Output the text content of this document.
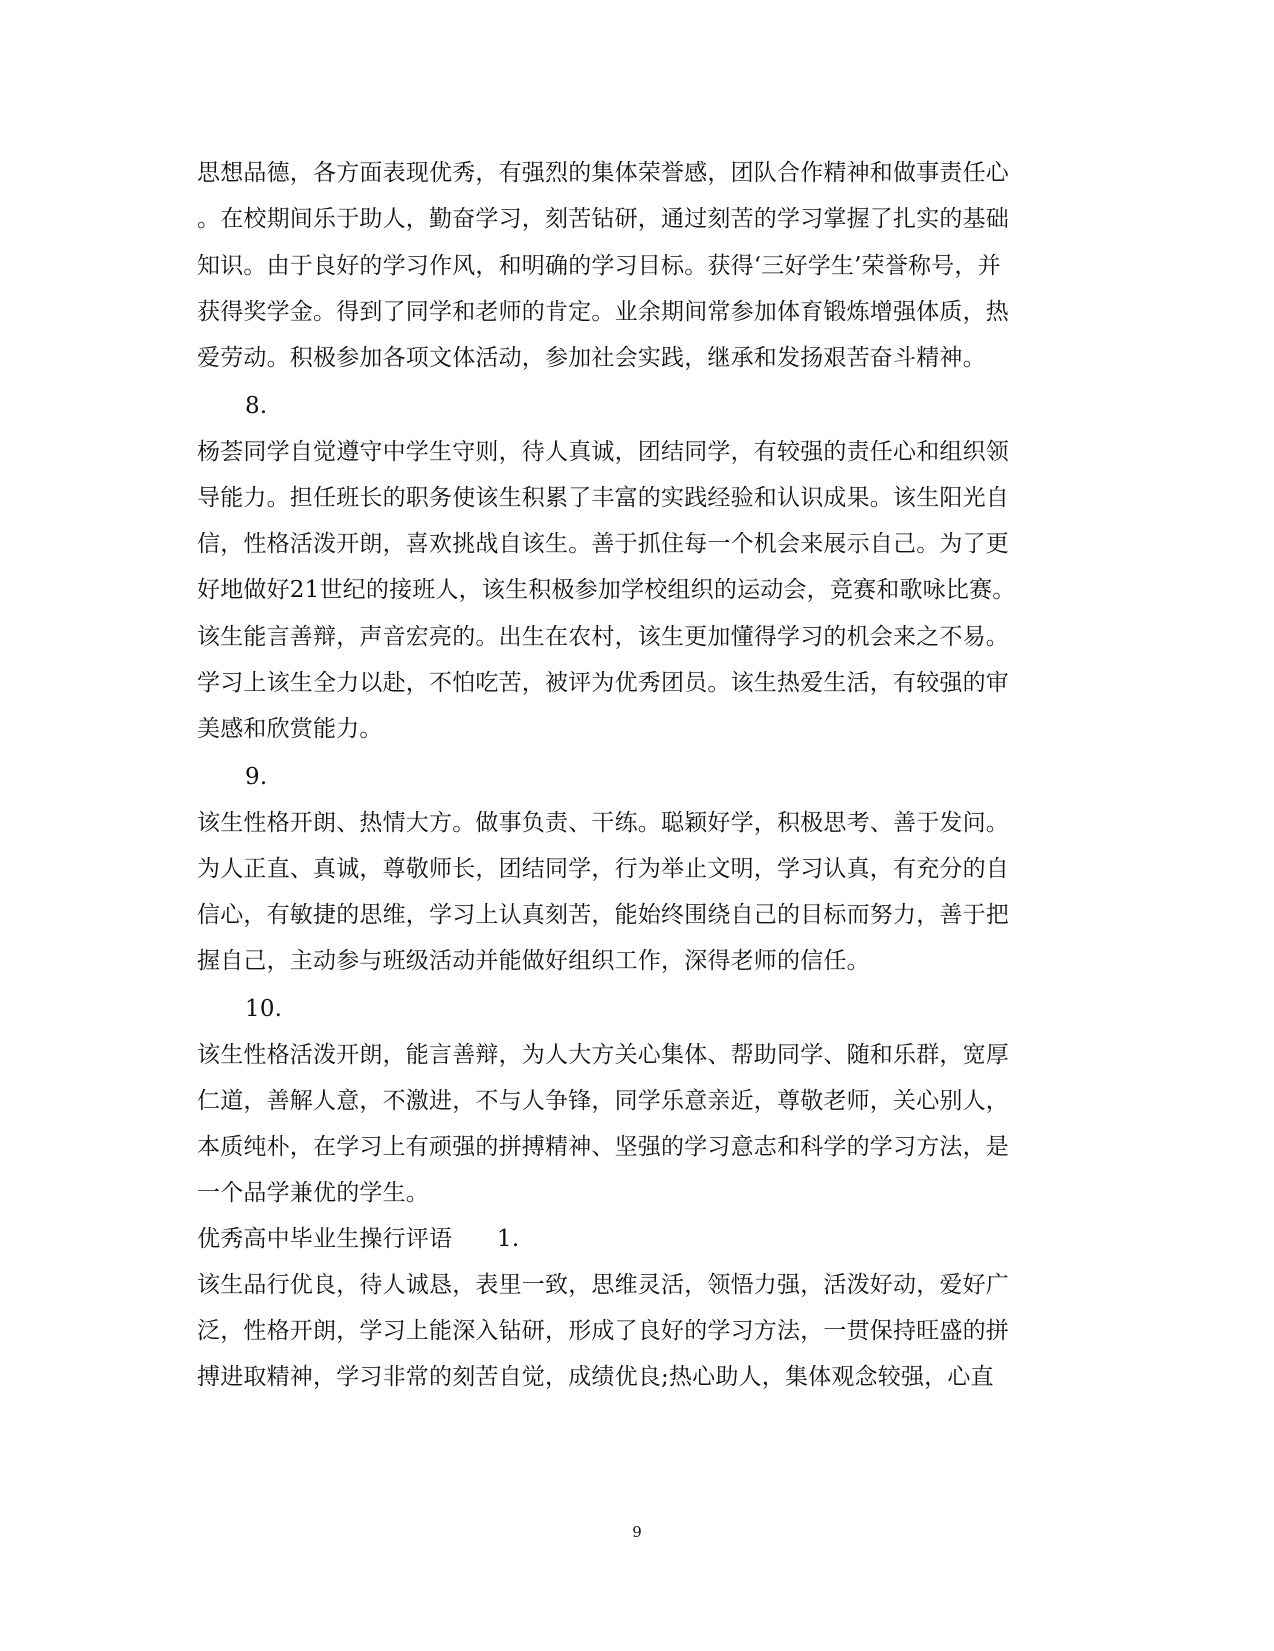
思想品德，各方面表现优秀，有强烈的集体荣誉感，团队合作精神和做事责任心
。在校期间乐于助人，勤奋学习，刻苦钻研，通过刻苦的学习掌握了扎实的基础
知识。由于良好的学习作风，和明确的学习目标。获得‘三好学生’荣誉称号，并
获得奖学金。得到了同学和老师的肯定。业余期间常参加体育锻炼增强体质，热
爱劳动。积极参加各项文体活动，参加社会实践，继承和发扬艰苦奋斗精神。
8.
杨荟同学自觉遵守中学生守则，待人真诚，团结同学，有较强的责任心和组织领
导能力。担任班长的职务使该生积累了丰富的实践经验和认识成果。该生阳光自
信，性格活泼开朗，喜欢挑战自该生。善于抓住每一个机会来展示自己。为了更
好地做好21世纪的接班人，该生积极参加学校组织的运动会，竞赛和歌咏比赛。
该生能言善辩，声音宏亮的。出生在农村，该生更加懂得学习的机会来之不易。
学习上该生全力以赴，不怕吃苦，被评为优秀团员。该生热爱生活，有较强的审
美感和欣赏能力。
9.
该生性格开朗、热情大方。做事负责、干练。聪颖好学，积极思考、善于发问。
为人正直、真诚，尊敬师长，团结同学，行为举止文明，学习认真，有充分的自
信心，有敏捷的思维，学习上认真刻苦，能始终围绕自己的目标而努力，善于把
握自己，主动参与班级活动并能做好组织工作，深得老师的信任。
10.
该生性格活泼开朗，能言善辩，为人大方关心集体、帮助同学、随和乐群，宽厚
仁道，善解人意，不激进，不与人争锋，同学乐意亲近，尊敬老师，关心别人，
本质纯朴，在学习上有顽强的拼搏精神、坚强的学习意志和科学的学习方法，是
一个品学兼优的学生。
优秀高中毕业生操行评语 1.
该生品行优良，待人诚恳，表里一致，思维灵活，领悟力强，活泼好动，爱好广
泛，性格开朗，学习上能深入钻研，形成了良好的学习方法，一贯保持旺盛的拼
搏进取精神，学习非常的刻苦自觉，成绩优良;热心助人，集体观念较强，心直
9
